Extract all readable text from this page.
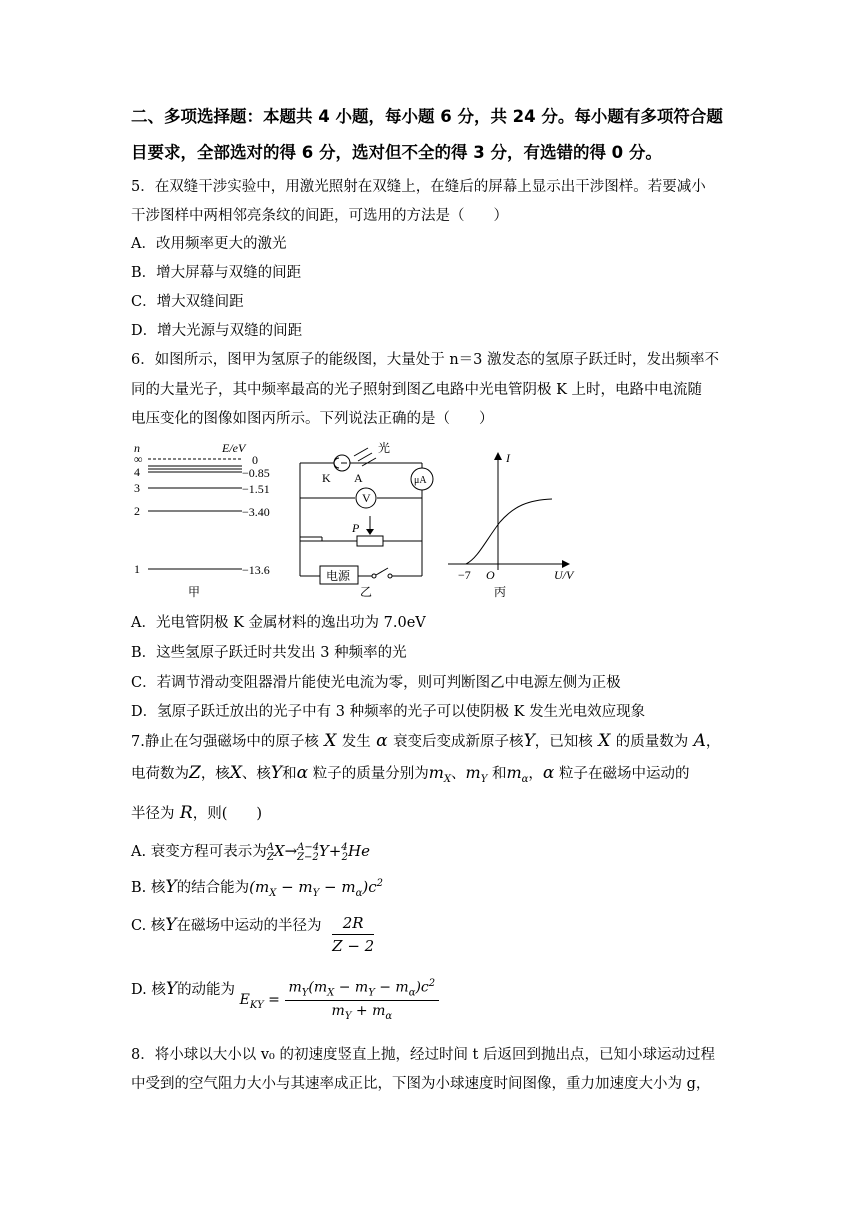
二、多项选择题：本题共 4 小题，每小题 6 分，共 24 分。每小题有多项符合题
目要求，全部选对的得 6 分，选对但不全的得 3 分，有选错的得 0 分。
5．在双缝干涉实验中，用激光照射在双缝上，在缝后的屏幕上显示出干涉图样。若要减小
干涉图样中两相邻亮条纹的间距，可选用的方法是（　　）
A．改用频率更大的激光
B．增大屏幕与双缝的间距
C．增大双缝间距
D．增大光源与双缝的间距
6．如图所示，图甲为氢原子的能级图，大量处于 n＝3 激发态的氢原子跃迁时，发出频率不
同的大量光子，其中频率最高的光子照射到图乙电路中光电管阴极 K 上时，电路中电流随
电压变化的图像如图丙所示。下列说法正确的是（　　）
n
∞
E/eV
0
4	−0.85
3	−1.51
2	−3.40
1	−13.6
甲
μA
K A
光
V
P
电源
乙
I
U/V
−7 O
丙
A．光电管阴极 K 金属材料的逸出功为 7.0eV
B．这些氢原子跃迁时共发出 3 种频率的光
C．若调节滑动变阻器滑片能使光电流为零，则可判断图乙中电源左侧为正极
D．氢原子跃迁放出的光子中有 3 种频率的光子可以使阴极 K 发生光电效应现象
7.静止在匀强磁场中的原子核 X 发生 α 衰变后变成新原子核Y，已知核 X 的质量数为 A，
电荷数为Z，核X、核Y和α 粒子的质量分别为$m_X$、$m_Y$ 和$m_\alpha$，α 粒子在磁场中运动的
半径为 R，则(　　)
A. 衰变方程可表示为$^A_Z$X→$^{A-4}_{Z-2}$Y+$^4_2$He
B. 核Y的结合能为$(m_X - m_Y - m_\alpha)c^2$
C. 核Y在磁场中运动的半径为 $\frac{2R}{Z - 2}$
D. 核Y的动能为 $E_{KY} = \frac{m_Y(m_X - m_Y - m_\alpha)c^2}{m_Y + m_\alpha}$
8．将小球以大小以 v₀ 的初速度竖直上抛，经过时间 t 后返回到抛出点，已知小球运动过程
中受到的空气阻力大小与其速率成正比，下图为小球速度时间图像，重力加速度大小为 g，
